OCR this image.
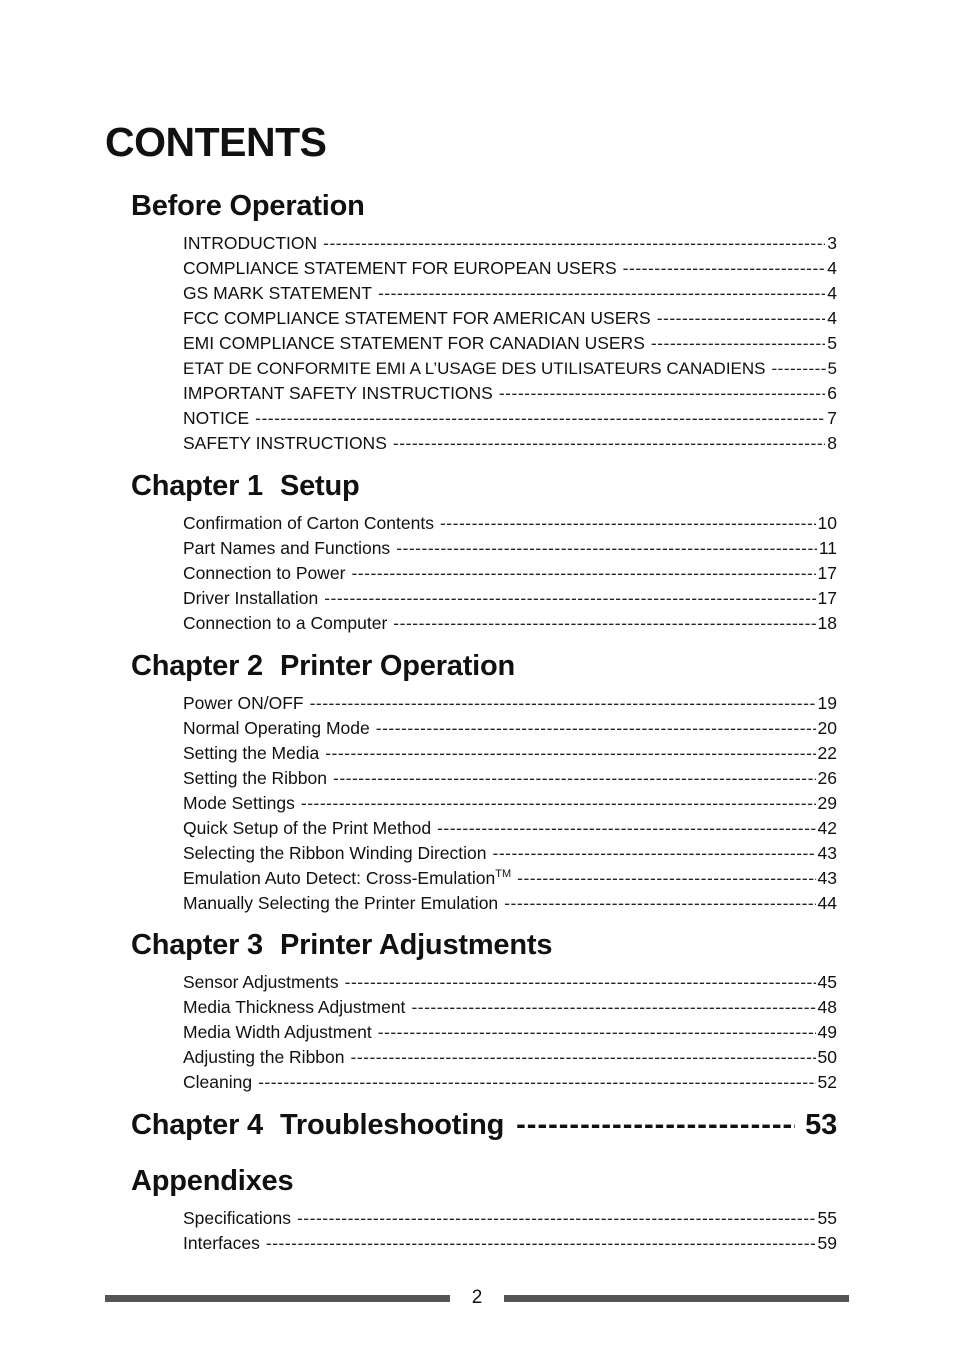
CONTENTS
Before Operation
INTRODUCTION -----	3
COMPLIANCE STATEMENT FOR EUROPEAN USERS -----	4
GS MARK STATEMENT -----	4
FCC COMPLIANCE STATEMENT FOR AMERICAN USERS -----	4
EMI COMPLIANCE STATEMENT FOR CANADIAN USERS -----	5
ETAT DE CONFORMITE EMI A L’USAGE DES UTILISATEURS CANADIENS -----	5
IMPORTANT SAFETY INSTRUCTIONS -----	6
NOTICE -----	7
SAFETY INSTRUCTIONS -----	8
Chapter 1 Setup
Confirmation of Carton Contents -----	10
Part Names and Functions -----	11
Connection to Power -----	17
Driver Installation -----	17
Connection to a Computer -----	18
Chapter 2 Printer Operation
Power ON/OFF -----	19
Normal Operating Mode -----	20
Setting the Media -----	22
Setting the Ribbon -----	26
Mode Settings -----	29
Quick Setup of the Print Method -----	42
Selecting the Ribbon Winding Direction -----	43
Emulation Auto Detect: Cross-Emulation™ -----	43
Manually Selecting the Printer Emulation -----	44
Chapter 3 Printer Adjustments
Sensor Adjustments -----	45
Media Thickness Adjustment -----	48
Media Width Adjustment -----	49
Adjusting the Ribbon -----	50
Cleaning -----	52
Chapter 4 Troubleshooting -----	53
Appendixes
Specifications -----	55
Interfaces -----	59
2
